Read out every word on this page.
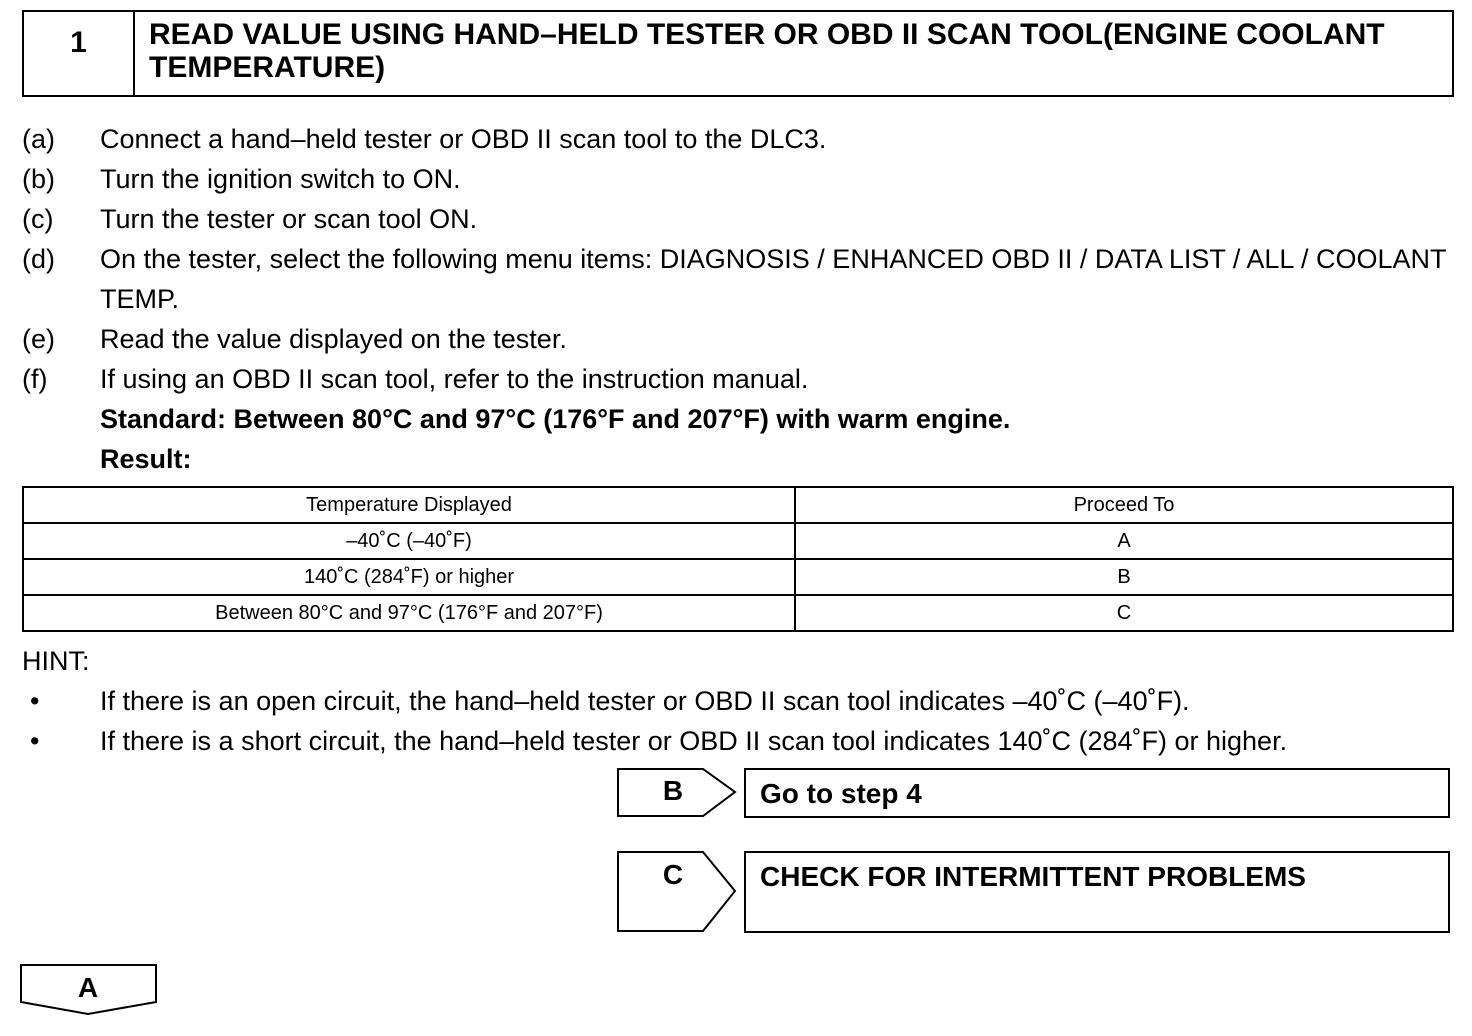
1	READ VALUE USING HAND–HELD TESTER OR OBD II SCAN TOOL(ENGINE COOLANT TEMPERATURE)
(a)	Connect a hand–held tester or OBD II scan tool to the DLC3.
(b)	Turn the ignition switch to ON.
(c)	Turn the tester or scan tool ON.
(d)	On the tester, select the following menu items: DIAGNOSIS / ENHANCED OBD II / DATA LIST / ALL / COOLANT TEMP.
(e)	Read the value displayed on the tester.
(f)	If using an OBD II scan tool, refer to the instruction manual.
Standard: Between 80°C and 97°C (176°F and 207°F) with warm engine.
Result:
Temperature Displayed	Proceed To
–40˚C (–40˚F)	A
140˚C (284˚F) or higher	B
Between 80°C and 97°C (176°F and 207°F)	C
HINT:
•	If there is an open circuit, the hand–held tester or OBD II scan tool indicates –40˚C (–40˚F).
•	If there is a short circuit, the hand–held tester or OBD II scan tool indicates 140˚C (284˚F) or higher.
B	Go to step 4
C	CHECK FOR INTERMITTENT PROBLEMS
A
